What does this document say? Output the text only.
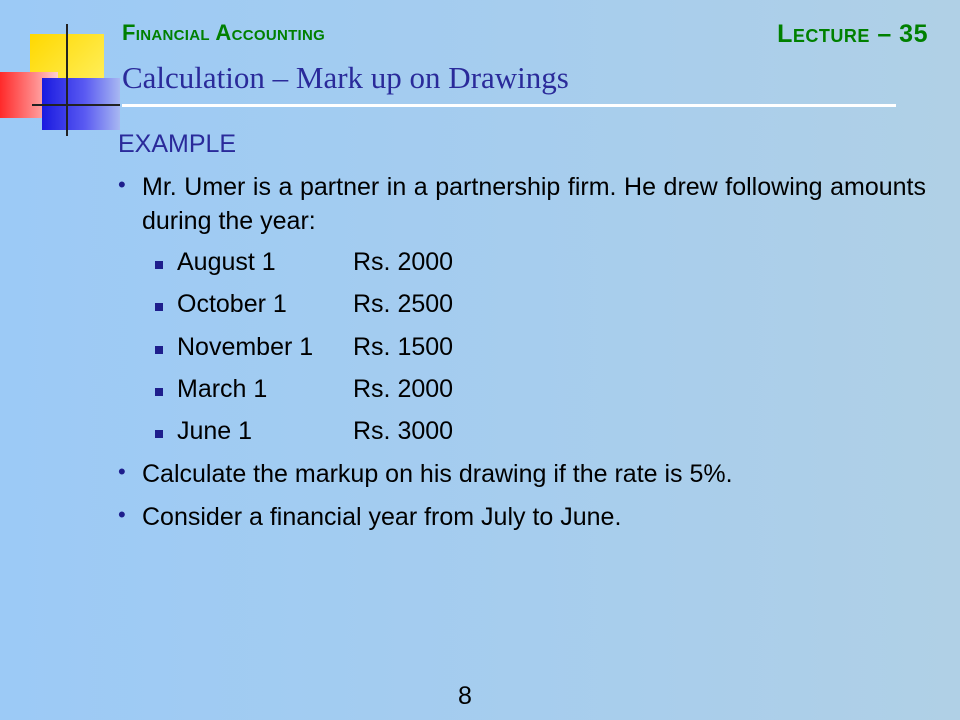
Financial Accounting	Lecture – 35
Calculation – Mark up on Drawings
EXAMPLE
• Mr. Umer is a partner in a partnership firm. He drew following amounts during the year:
August 1	Rs. 2000
October 1	Rs. 2500
November 1 Rs. 1500
March 1	Rs. 2000
June 1	Rs. 3000
• Calculate the markup on his drawing if the rate is 5%.
• Consider a financial year from July to June.
8
